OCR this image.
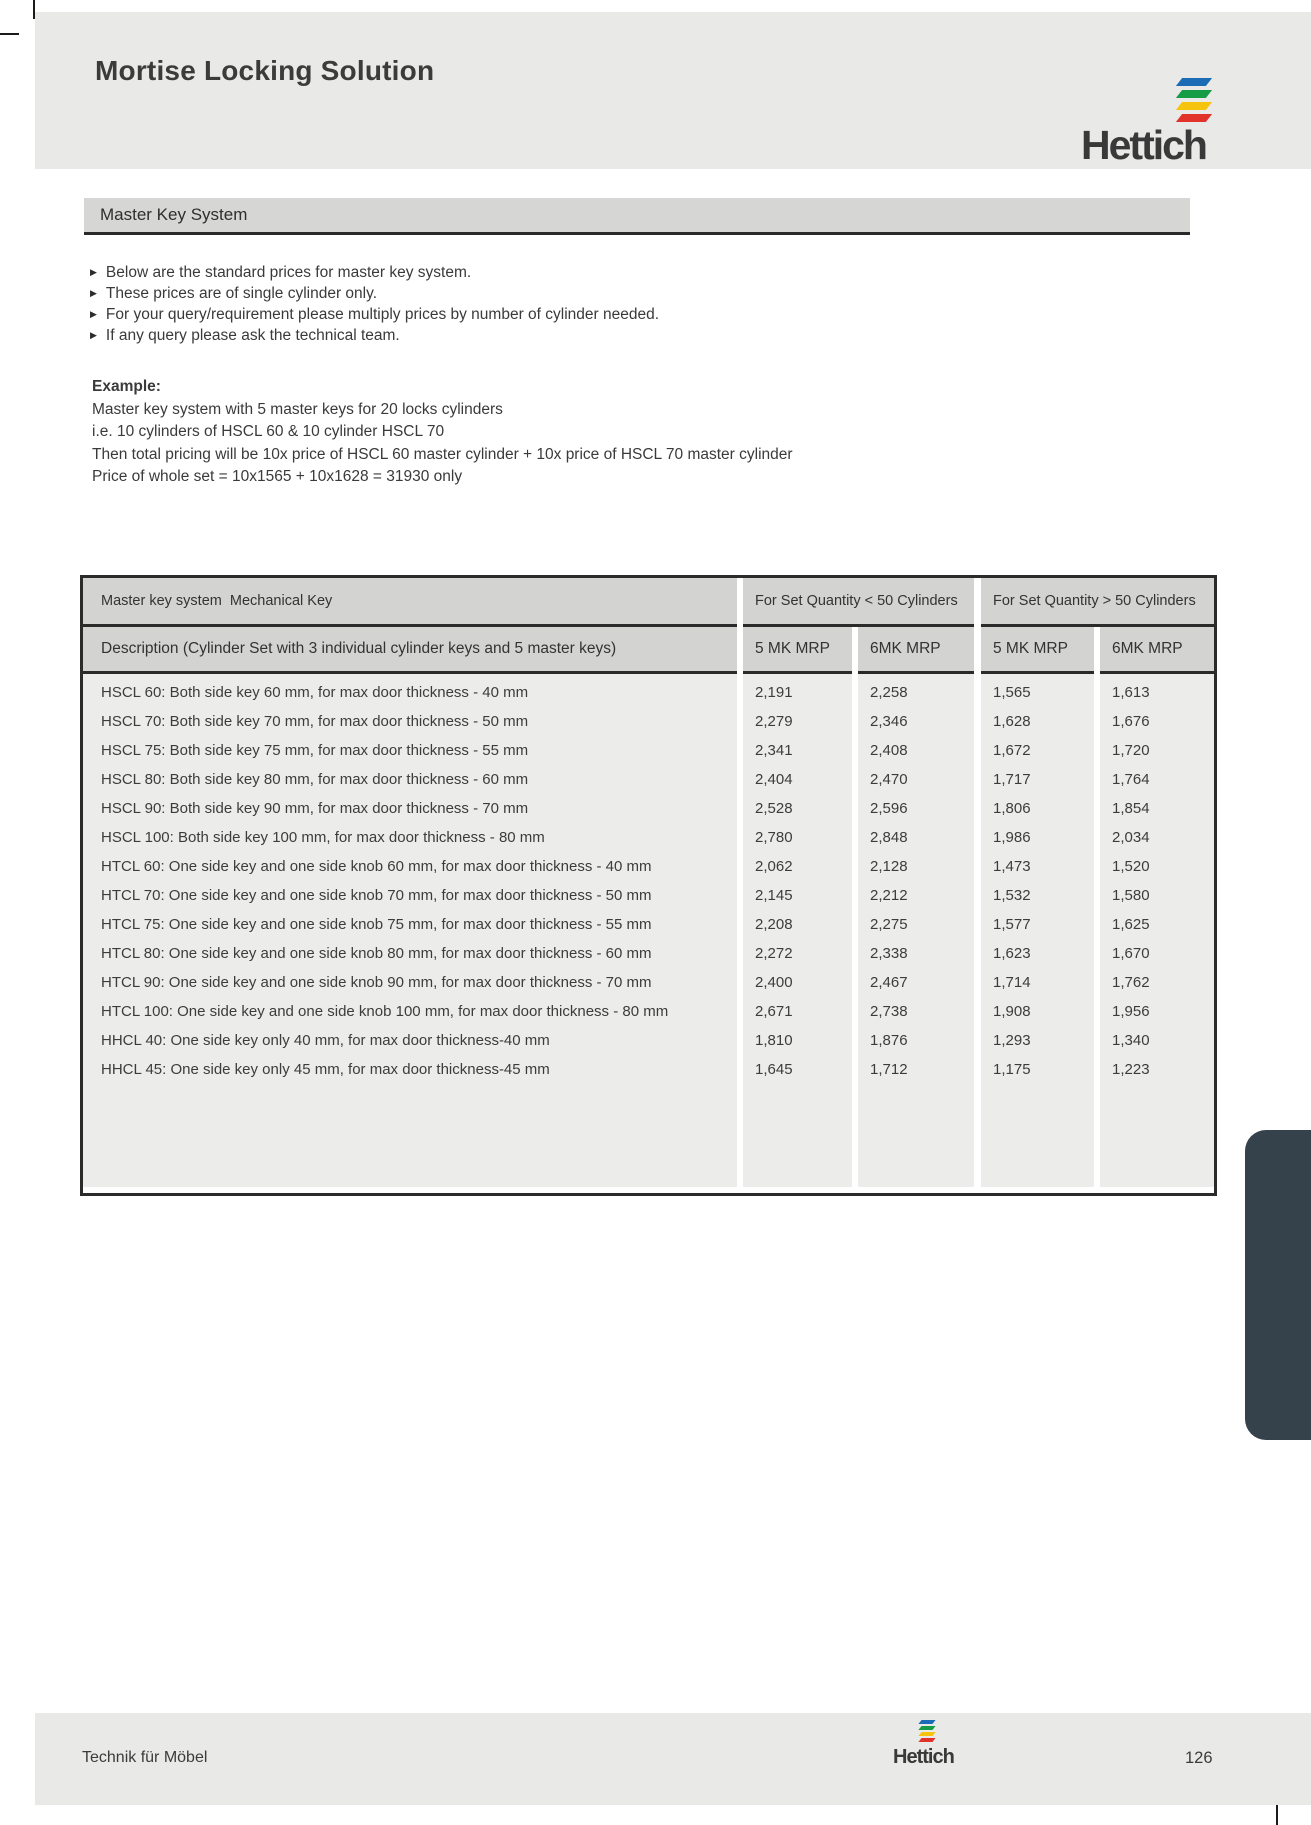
Mortise Locking Solution
Hettich
Master Key System
▶ Below are the standard prices for master key system.
▶ These prices are of single cylinder only.
▶ For your query/requirement please multiply prices by number of cylinder needed.
▶ If any query please ask the technical team.
Example:
Master key system with 5 master keys for 20 locks cylinders
i.e. 10 cylinders of HSCL 60 & 10 cylinder HSCL 70
Then total pricing will be 10x price of HSCL 60 master cylinder + 10x price of HSCL 70 master cylinder
Price of whole set = 10x1565 + 10x1628 = 31930 only
Master key system  Mechanical Key	For Set Quantity < 50 Cylinders	For Set Quantity > 50 Cylinders
Description (Cylinder Set with 3 individual cylinder keys and 5 master keys)	5 MK MRP	6MK MRP	5 MK MRP	6MK MRP
HSCL 60: Both side key 60 mm, for max door thickness - 40 mm	2,191	2,258	1,565	1,613
HSCL 70: Both side key 70 mm, for max door thickness - 50 mm	2,279	2,346	1,628	1,676
HSCL 75: Both side key 75 mm, for max door thickness - 55 mm	2,341	2,408	1,672	1,720
HSCL 80: Both side key 80 mm, for max door thickness - 60 mm	2,404	2,470	1,717	1,764
HSCL 90: Both side key 90 mm, for max door thickness - 70 mm	2,528	2,596	1,806	1,854
HSCL 100: Both side key 100 mm, for max door thickness - 80 mm	2,780	2,848	1,986	2,034
HTCL 60: One side key and one side knob 60 mm, for max door thickness - 40 mm	2,062	2,128	1,473	1,520
HTCL 70: One side key and one side knob 70 mm, for max door thickness - 50 mm	2,145	2,212	1,532	1,580
HTCL 75: One side key and one side knob 75 mm, for max door thickness - 55 mm	2,208	2,275	1,577	1,625
HTCL 80: One side key and one side knob 80 mm, for max door thickness - 60 mm	2,272	2,338	1,623	1,670
HTCL 90: One side key and one side knob 90 mm, for max door thickness - 70 mm	2,400	2,467	1,714	1,762
HTCL 100: One side key and one side knob 100 mm, for max door thickness - 80 mm	2,671	2,738	1,908	1,956
HHCL 40: One side key only 40 mm, for max door thickness-40 mm	1,810	1,876	1,293	1,340
HHCL 45: One side key only 45 mm, for max door thickness-45 mm	1,645	1,712	1,175	1,223
Technik für Möbel	126
Hettich
